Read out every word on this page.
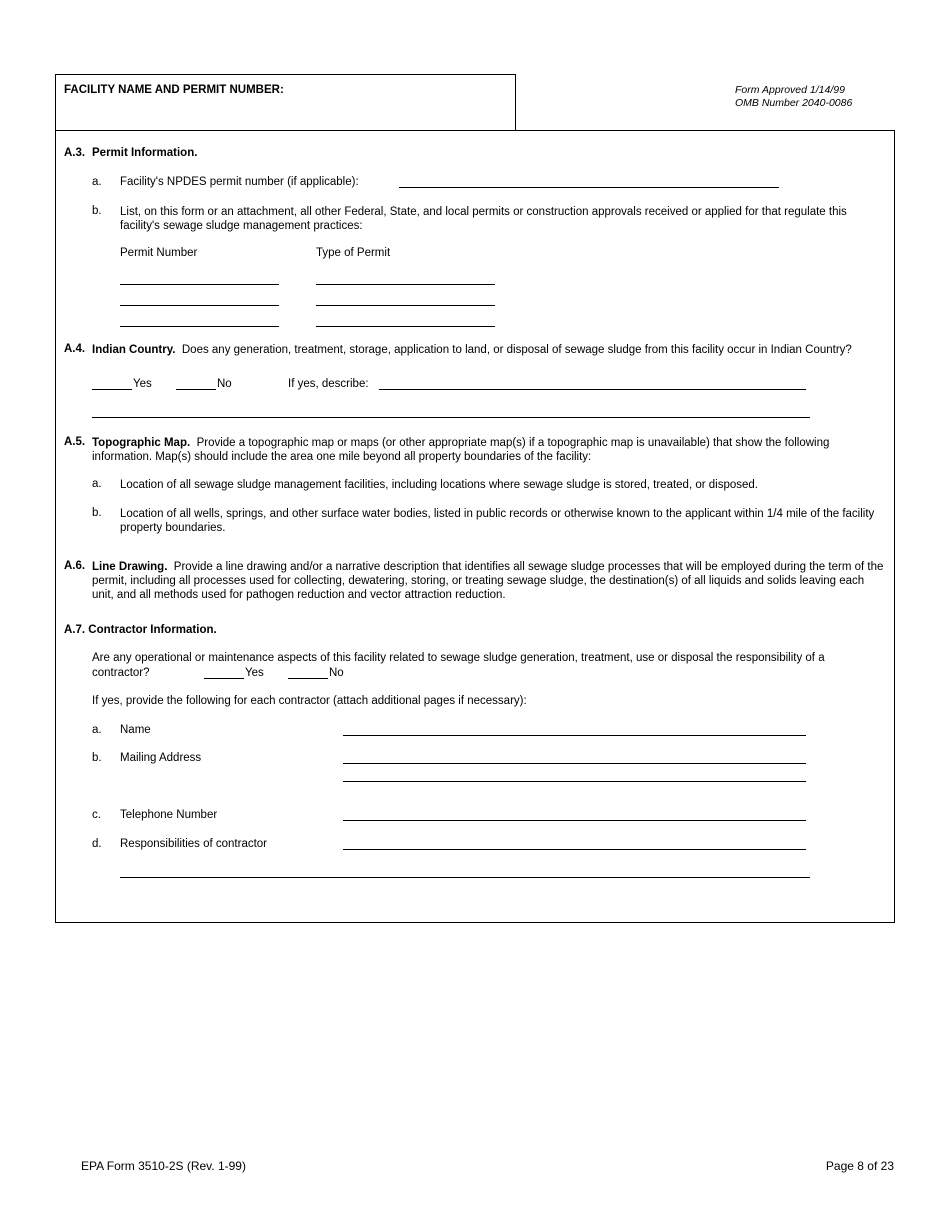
FACILITY NAME AND PERMIT NUMBER:	Form Approved 1/14/99
OMB Number 2040-0086
A.3. Permit Information.
a. Facility's NPDES permit number (if applicable):
b. List, on this form or an attachment, all other Federal, State, and local permits or construction approvals received or applied for that regulate this facility's sewage sludge management practices:
Permit Number	Type of Permit
A.4. Indian Country. Does any generation, treatment, storage, application to land, or disposal of sewage sludge from this facility occur in Indian Country?
Yes	No	If yes, describe:
A.5. Topographic Map. Provide a topographic map or maps (or other appropriate map(s) if a topographic map is unavailable) that show the following information. Map(s) should include the area one mile beyond all property boundaries of the facility:
a. Location of all sewage sludge management facilities, including locations where sewage sludge is stored, treated, or disposed.
b. Location of all wells, springs, and other surface water bodies, listed in public records or otherwise known to the applicant within 1/4 mile of the facility property boundaries.
A.6. Line Drawing. Provide a line drawing and/or a narrative description that identifies all sewage sludge processes that will be employed during the term of the permit, including all processes used for collecting, dewatering, storing, or treating sewage sludge, the destination(s) of all liquids and solids leaving each unit, and all methods used for pathogen reduction and vector attraction reduction.
A.7. Contractor Information.
Are any operational or maintenance aspects of this facility related to sewage sludge generation, treatment, use or disposal the responsibility of a
contractor?	Yes	No
If yes, provide the following for each contractor (attach additional pages if necessary):
a. Name
b. Mailing Address
c. Telephone Number
d. Responsibilities of contractor
EPA Form 3510-2S (Rev. 1-99)	Page 8 of 23
